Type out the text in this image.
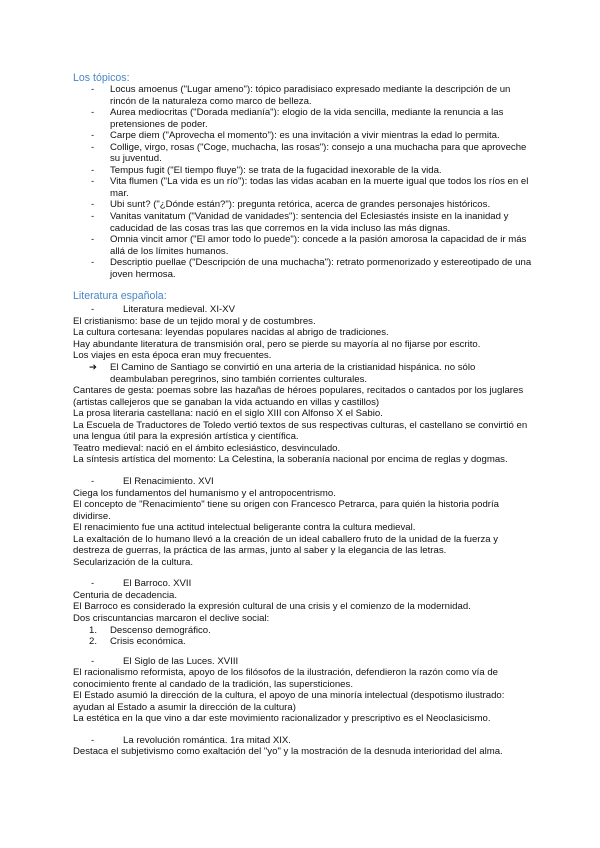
Los tópicos:
- Locus amoenus ("Lugar ameno"): tópico paradisiaco expresado mediante la descripción de un rincón de la naturaleza como marco de belleza.
- Aurea mediocritas ("Dorada medianía"): elogio de la vida sencilla, mediante la renuncia a las pretensiones de poder.
- Carpe diem ("Aprovecha el momento"): es una invitación a vivir mientras la edad lo permita.
- Collige, virgo, rosas ("Coge, muchacha, las rosas"): consejo a una muchacha para que aproveche su juventud.
- Tempus fugit ("El tiempo fluye"): se trata de la fugacidad inexorable de la vida.
- Vita flumen ("La vida es un río"): todas las vidas acaban en la muerte igual que todos los ríos en el mar.
- Ubi sunt? ("¿Dónde están?"): pregunta retórica, acerca de grandes personajes históricos.
- Vanitas vanitatum ("Vanidad de vanidades"): sentencia del Eclesiastés insiste en la inanidad y caducidad de las cosas tras las que corremos en la vida incluso las más dignas.
- Omnia vincit amor ("El amor todo lo puede"): concede a la pasión amorosa la capacidad de ir más allá de los límites humanos.
- Descriptio puellae ("Descripción de una muchacha"): retrato pormenorizado y estereotipado de una joven hermosa.
Literatura española:
-	Literatura medieval. XI-XV

El cristianismo: base de un tejido moral y de costumbres.

La cultura cortesana: leyendas populares nacidas al abrigo de tradiciones.

Hay abundante literatura de transmisión oral, pero se pierde su mayoría al no fijarse por escrito.

Los viajes en esta época eran muy frecuentes.

➔ El Camino de Santiago se convirtió en una arteria de la cristianidad hispánica. no sólo deambulaban peregrinos, sino también corrientes culturales.

Cantares de gesta: poemas sobre las hazañas de héroes populares, recitados o cantados por los juglares (artistas callejeros que se ganaban la vida actuando en villas y castillos)

La prosa literaria castellana: nació en el siglo XIII con Alfonso X el Sabio.

La Escuela de Traductores de Toledo vertió textos de sus respectivas culturas, el castellano se convirtió en una lengua útil para la expresión artística y científica.

Teatro medieval: nació en el ámbito eclesiástico, desvinculado.

La síntesis artística del momento: La Celestina, la soberanía nacional por encima de reglas y dogmas.

-	El Renacimiento. XVI

Ciega los fundamentos del humanismo y el antropocentrismo.

El concepto de "Renacimiento" tiene su origen con Francesco Petrarca, para quién la historia podría dividirse.

El renacimiento fue una actitud intelectual beligerante contra la cultura medieval.

La exaltación de lo humano llevó a la creación de un ideal caballero fruto de la unidad de la fuerza y destreza de guerras, la práctica de las armas, junto al saber y la elegancia de las letras.

Secularización de la cultura.

-	El Barroco. XVII

Centuria de decadencia.

El Barroco es considerado la expresión cultural de una crisis y el comienzo de la modernidad.

Dos criscuntancias marcaron el declive social:

1. Descenso demográfico.
2. Crisis económica.
-	El Siglo de las Luces. XVIII

El racionalismo reformista, apoyo de los filósofos de la ilustración, defendieron la razón como vía de conocimiento frente al candado de la tradición, las supersticiones.

El Estado asumió la dirección de la cultura, el apoyo de una minoría intelectual (despotismo ilustrado: ayudan al Estado a asumir la dirección de la cultura)

La estética en la que vino a dar este movimiento racionalizador y prescriptivo es el Neoclasicismo.

-	La revolución romántica. 1ra mitad XIX.

Destaca el subjetivismo como exaltación del "yo" y la mostración de la desnuda interioridad del alma.
